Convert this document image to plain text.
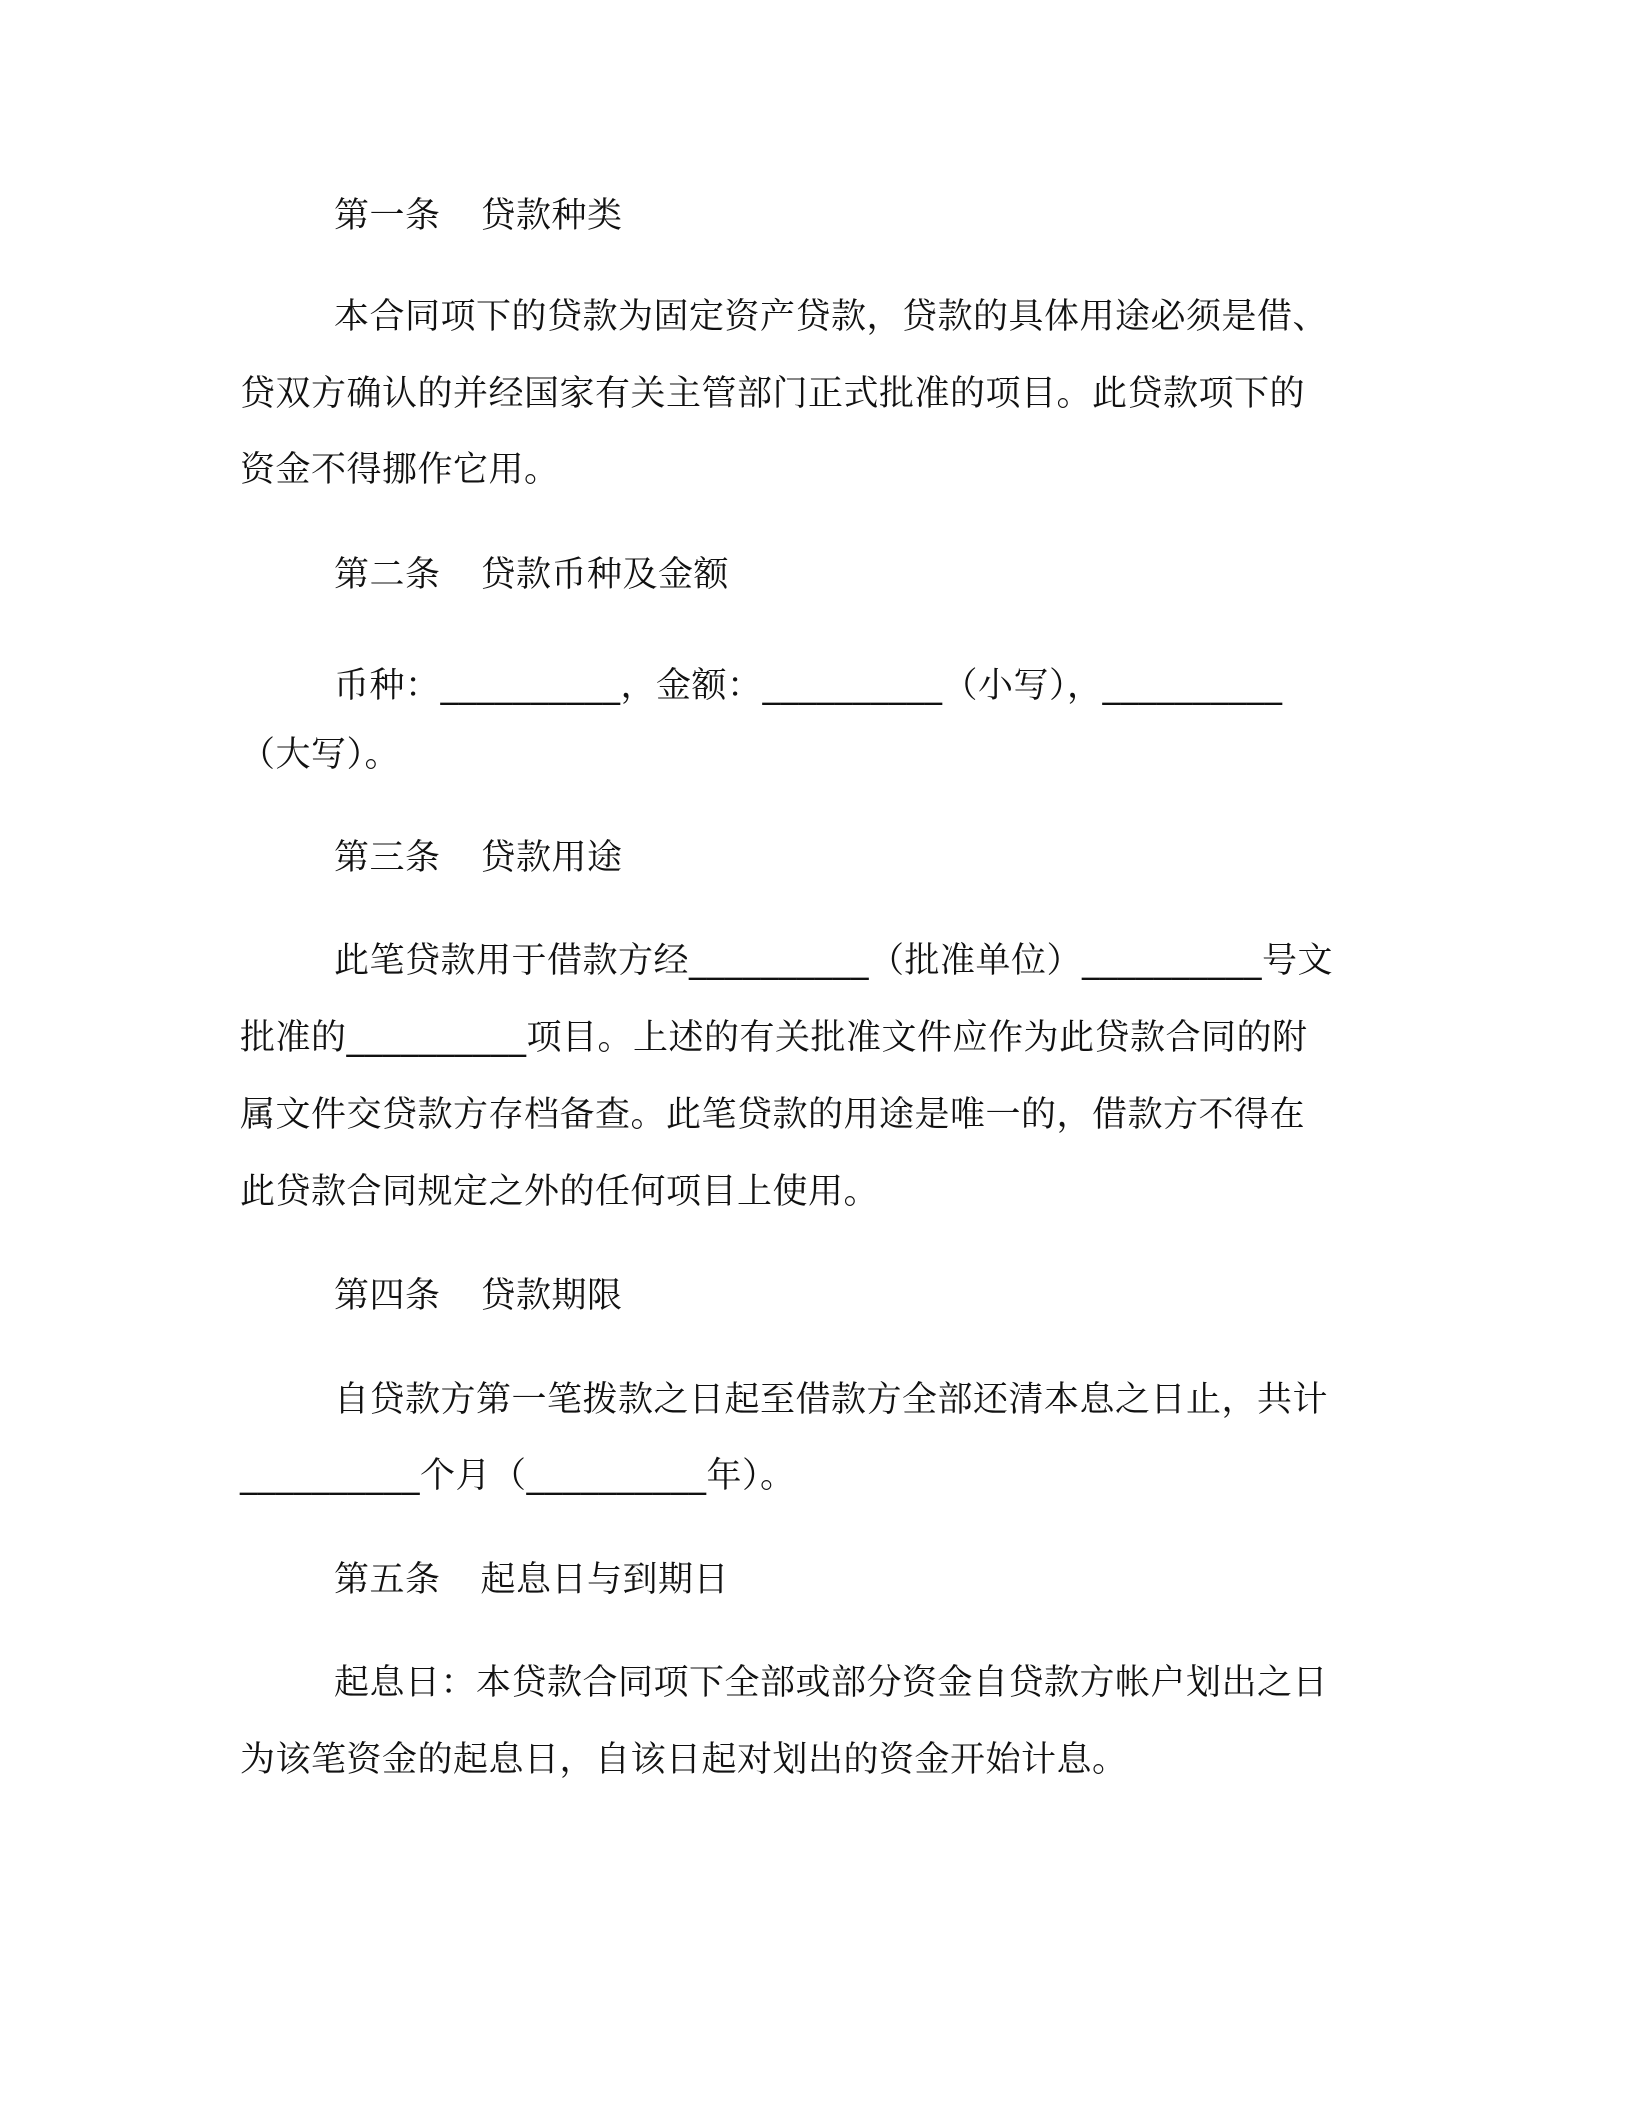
第一条 贷款种类
本合同项下的贷款为固定资产贷款，贷款的具体用途必须是借、
贷双方确认的并经国家有关主管部门正式批准的项目。此贷款项下的
资金不得挪作它用。
第二条 贷款币种及金额
币种：__________，金额：__________（小写），__________
（大写）。
第三条 贷款用途
此笔贷款用于借款方经__________（批准单位）__________号文
批准的__________项目。上述的有关批准文件应作为此贷款合同的附
属文件交贷款方存档备查。此笔贷款的用途是唯一的，借款方不得在
此贷款合同规定之外的任何项目上使用。
第四条 贷款期限
自贷款方第一笔拨款之日起至借款方全部还清本息之日止，共计
__________个月（__________年）。
第五条 起息日与到期日
起息日：本贷款合同项下全部或部分资金自贷款方帐户划出之日
为该笔资金的起息日，自该日起对划出的资金开始计息。
